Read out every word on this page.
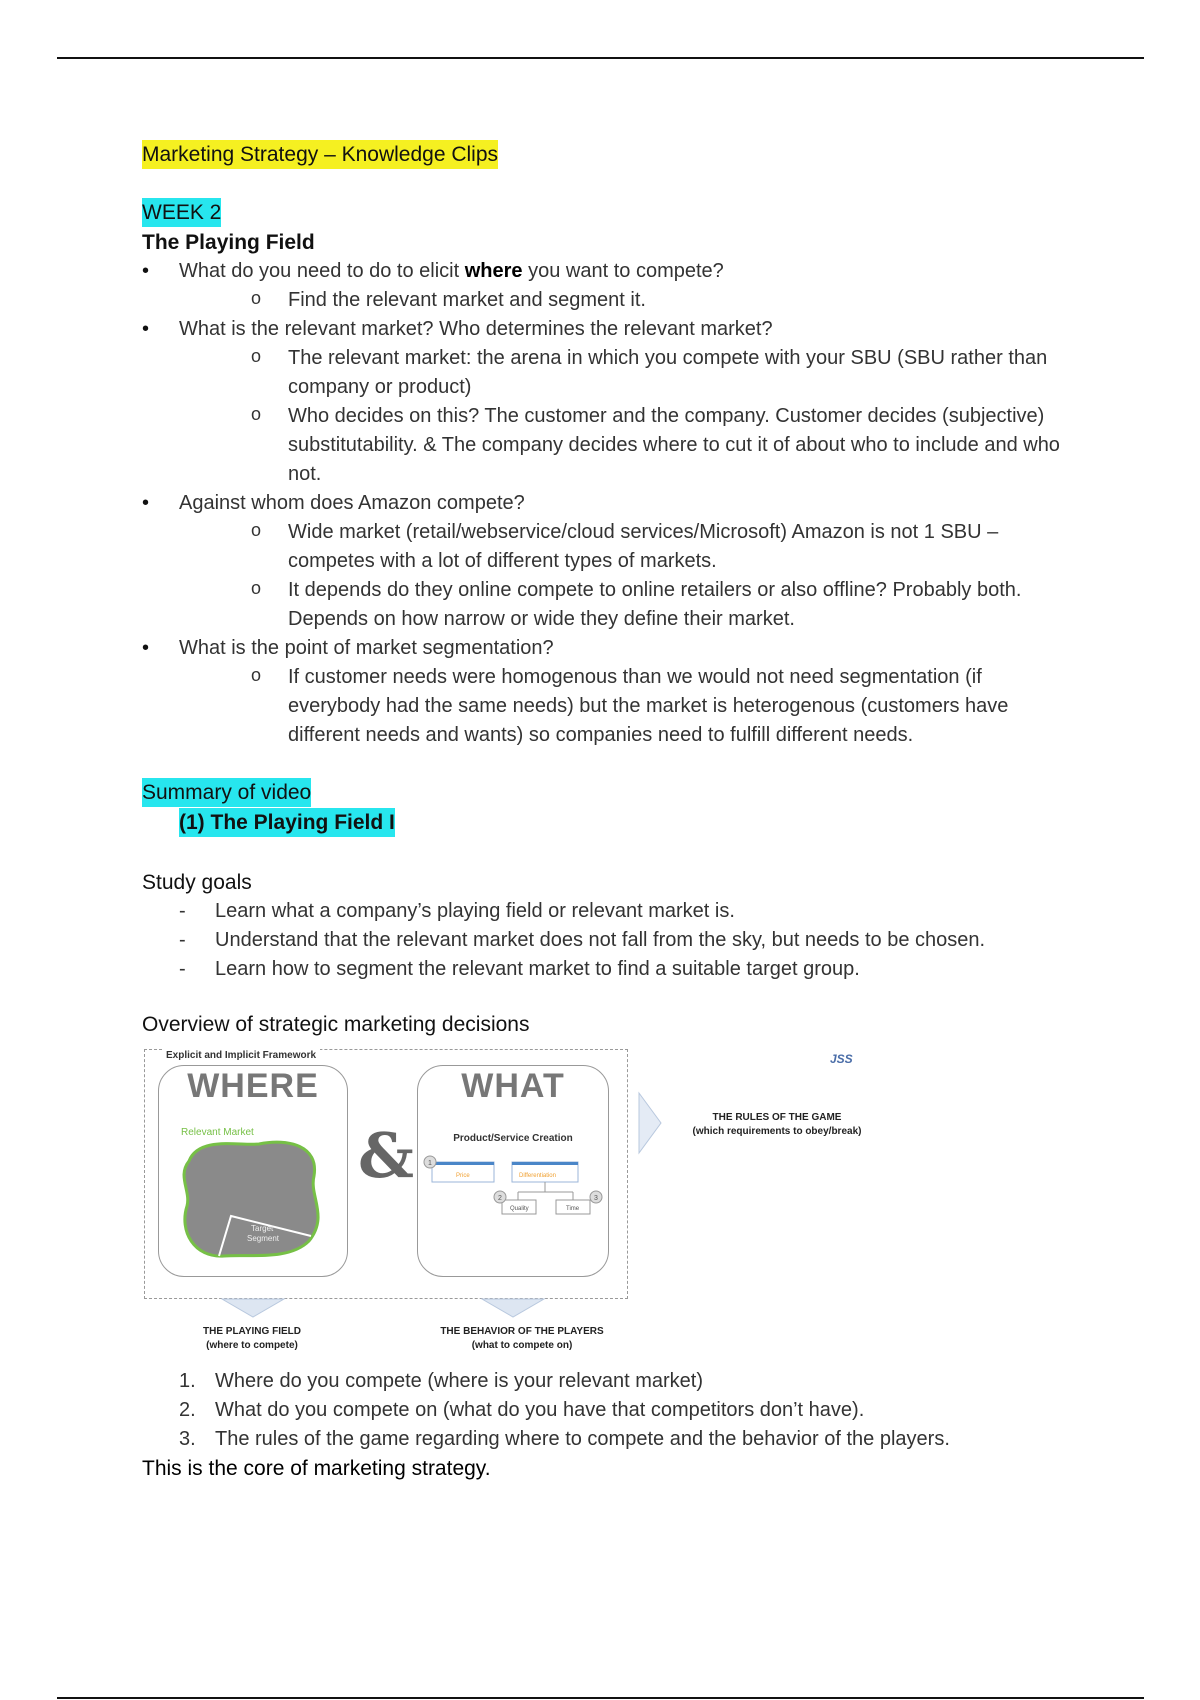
Marketing Strategy – Knowledge Clips
WEEK 2
The Playing Field
• What do you need to do to elicit where you want to compete?
o Find the relevant market and segment it.
• What is the relevant market? Who determines the relevant market?
o The relevant market: the arena in which you compete with your SBU (SBU rather than company or product)
o Who decides on this? The customer and the company. Customer decides (subjective) substitutability. & The company decides where to cut it of about who to include and who not.
• Against whom does Amazon compete?
o Wide market (retail/webservice/cloud services/Microsoft) Amazon is not 1 SBU – competes with a lot of different types of markets.
o It depends do they online compete to online retailers or also offline? Probably both. Depends on how narrow or wide they define their market.
• What is the point of market segmentation?
o If customer needs were homogenous than we would not need segmentation (if everybody had the same needs) but the market is heterogenous (customers have different needs and wants) so companies need to fulfill different needs.
Summary of video
(1) The Playing Field I
Study goals
- Learn what a company’s playing field or relevant market is.
- Understand that the relevant market does not fall from the sky, but needs to be chosen.
- Learn how to segment the relevant market to find a suitable target group.
Overview of strategic marketing decisions
Explicit and Implicit Framework	JSS
WHERE
Relevant Market
Target
Segment
&
WHAT
Product/Service Creation
Price	Differentiation
Quality	Time
1
2	3
THE RULES OF THE GAME
(which requirements to obey/break)
THE PLAYING FIELD
(where to compete)
THE BEHAVIOR OF THE PLAYERS
(what to compete on)
1. Where do you compete (where is your relevant market)
2. What do you compete on (what do you have that competitors don’t have).
3. The rules of the game regarding where to compete and the behavior of the players.
This is the core of marketing strategy.
